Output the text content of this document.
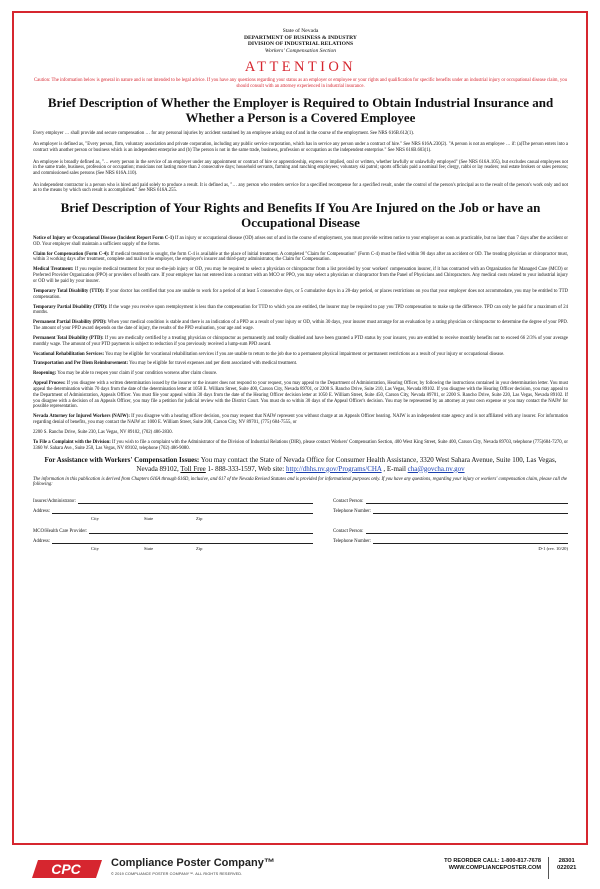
State of Nevada
DEPARTMENT OF BUSINESS & INDUSTRY
DIVISION OF INDUSTRIAL RELATIONS
Workers' Compensation Section
ATTENTION
Caution: The information below is general in nature and is not intended to be legal advice. If you have any questions regarding your status as an employer or employee or your rights and qualification for specific benefits under an industrial injury or occupational disease claim, you should consult with an attorney experienced in industrial insurance.
Brief Description of Whether the Employer is Required to Obtain Industrial Insurance and Whether a Person is a Covered Employee

Every employer … shall provide and secure compensation … for any personal injuries by accident sustained by an employee arising out of and in the course of the employment. See NRS 616B.612(1).

An employer is defined as, "Every person, firm, voluntary association and private corporation, including any public service corporation, which has in service any person under a contract of hire." See NRS 616A.230(2). "A person is not an employee … if: (a)The person enters into a contract with another person or business which is an independent enterprise and (b) The person is not in the same trade, business, profession or occupation as the independent enterprise." See NRS 616B.603(1).

An employee is broadly defined as, "… every person in the service of an employer under any appointment or contract of hire or apprenticeship, express or implied, oral or written, whether lawfully or unlawfully employed" (See NRS 616A.105), but excludes casual employees not in the same trade, business, profession or occupation; musicians not lasting more than 2 consecutive days; household servants, farming and ranching employees; voluntary ski patrol; sports officials paid a nominal fee; clergy, rabbi or lay readers; real estate brokers or sales persons; and commissioned sales persons (See NRS 616A.110).

An independent contractor is a person who is hired and paid solely to produce a result. It is defined as, "… any person who renders service for a specified recompense for a specified result, under the control of the person's principal as to the result of the person's work only and not as to the means by which such result is accomplished." See NRS 616A.255.

Brief Description of Your Rights and Benefits If You Are Injured on the Job or have an Occupational Disease

Notice of Injury or Occupational Disease (Incident Report Form C-1) If an injury or occupational disease (OD) arises out of and in the course of employment, you must provide written notice to your employer as soon as practicable, but no later than 7 days after the accident or OD. Your employer shall maintain a sufficient supply of the forms.

Claim for Compensation (Form C-4): If medical treatment is sought, the form C-4 is available at the place of initial treatment. A completed "Claim for Compensation" (Form C-4) must be filed within 90 days after an accident or OD. The treating physician or chiropractor must, within 3 working days after treatment, complete and mail to the employer, the employer's insurer and third-party administrator, the Claim for Compensation.

Medical Treatment: If you require medical treatment for your on-the-job injury or OD, you may be required to select a physician or chiropractor from a list provided by your workers' compensation insurer, if it has contracted with an Organization for Managed Care (MCO) or Preferred Provider Organization (PPO) or providers of health care. If your employer has not entered into a contract with an MCO or PPO, you may select a physician or chiropractor from the Panel of Physicians and Chiropractors. Any medical costs related to your industrial injury or OD will be paid by your insurer.

Temporary Total Disability (TTD): If your doctor has certified that you are unable to work for a period of at least 5 consecutive days, or 5 cumulative days in a 20-day period, or places restrictions on you that your employer does not accommodate, you may be entitled to TTD compensation.

Temporary Partial Disability (TPD): If the wage you receive upon reemployment is less than the compensation for TTD to which you are entitled, the insurer may be required to pay you TPD compensation to make up the difference. TPD can only be paid for a maximum of 24 months.

Permanent Partial Disability (PPD): When your medical condition is stable and there is an indication of a PPD as a result of your injury or OD, within 30 days, your insurer must arrange for an evaluation by a rating physician or chiropractor to determine the degree of your PPD. The amount of your PPD award depends on the date of injury, the results of the PPD evaluation, your age and wage.

Permanent Total Disability (PTD): If you are medically certified by a treating physician or chiropractor as permanently and totally disabled and have been granted a PTD status by your insurer, you are entitled to receive monthly benefits not to exceed 66 2/3% of your average monthly wage. The amount of your PTD payments is subject to reduction if you previously received a lump-sum PPD award.

Vocational Rehabilitation Services: You may be eligible for vocational rehabilitation services if you are unable to return to the job due to a permanent physical impairment or permanent restrictions as a result of your injury or occupational disease.

Transportation and Per Diem Reimbursement: You may be eligible for travel expenses and per diem associated with medical treatment.

Reopening: You may be able to reopen your claim if your condition worsens after claim closure.

Appeal Process: If you disagree with a written determination issued by the insurer or the insurer does not respond to your request, you may appeal to the Department of Administration, Hearing Officer, by following the instructions contained in your determination letter. You must appeal the determination within 70 days from the date of the determination letter at 1050 E. William Street, Suite 400, Carson City, Nevada 89701, or 2200 S. Rancho Drive, Suite 210, Las Vegas, Nevada 89102. If you disagree with the Hearing Officer decision, you may appeal to the Department of Administration, Appeals Officer. You must file your appeal within 30 days from the date of the Hearing Officer decision letter at 1050 E. William Street, Suite 450, Carson City, Nevada 89701, or 2200 S. Rancho Drive, Suite 220, Las Vegas, Nevada 89102. If you disagree with a decision of an Appeals Officer, you may file a petition for judicial review with the District Court. You must do so within 30 days of the Appeal Officer's decision. You may be represented by an attorney at your own expense or you may contact the NAIW for possible representation.

Nevada Attorney for Injured Workers (NAIW): If you disagree with a hearing officer decision, you may request that NAIW represent you without charge at an Appeals Officer hearing. NAIW is an independent state agency and is not affiliated with any insurer. For information regarding denial of benefits, you may contact the NAIW at: 1000 E. William Street, Suite 208, Carson City, NV 89701, (775) 684-7555, or

2200 S. Rancho Drive, Suite 230, Las Vegas, NV 89102, (702) 486-2830.

To File a Complaint with the Division: If you wish to file a complaint with the Administrator of the Division of Industrial Relations (DIR), please contact Workers' Compensation Section, 400 West King Street, Suite 400, Carson City, Nevada 89703, telephone (775)684-7270, or 3360 W. Sahara Ave., Suite 250, Las Vegas, NV 89102, telephone (702) 486-9080.

For Assistance with Workers' Compensation Issues: You may contact the State of Nevada Office for Consumer Health Assistance, 3320 West Sahara Avenue, Suite 100, Las Vegas, Nevada 89102, Toll Free 1- 888-333-1597, Web site: http://dhhs.nv.gov/Programs/CHA , E-mail cha@govcha.nv.gov
The information in this publication is derived from Chapters 616A through 616D, inclusive, and 617 of the Nevada Revised Statutes and is provided for informational purposes only. If you have any questions, regarding your injury or workers' compensation claim, please call the following:
Insurer/Administrator:	Contact Person:
Address:	Telephone Number:
City	State	Zip
MCO/Health Care Provider:	Contact Person:
Address:	Telephone Number:
City	State	Zip	D-1 (rev. 10/20)
CPC	Compliance Poster Company™
© 2019 COMPLIANCE POSTER COMPANY™. ALL RIGHTS RESERVED.
TO REORDER CALL: 1-800-817-7678
WWW.COMPLIANCEPOSTER.COM
28301
022021
